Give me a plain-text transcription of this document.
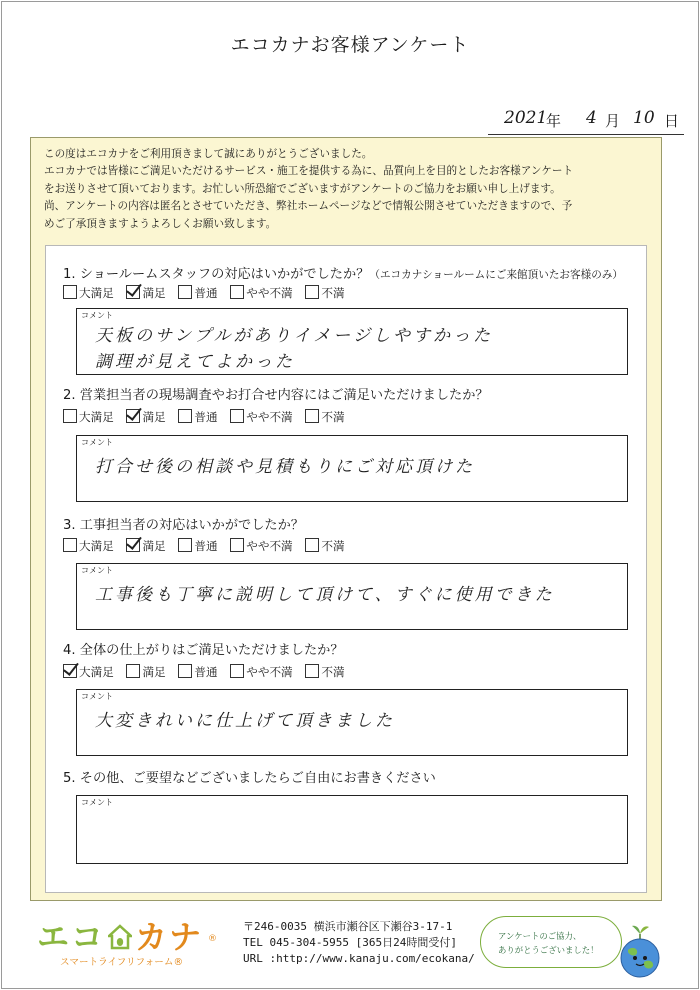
エコカナお客様アンケート
2021
年 4 月 10 日
この度はエコカナをご利用頂きまして誠にありがとうございました。
エコカナでは皆様にご満足いただけるサービス・施工を提供する為に、品質向上を目的としたお客様アンケート
をお送りさせて頂いております。お忙しい所恐縮でございますがアンケートのご協力をお願い申し上げます。
尚、アンケートの内容は匿名とさせていただき、弊社ホームページなどで情報公開させていただきますので、予
めご了承頂きますようよろしくお願い致します。
1. ショールームスタッフの対応はいかがでしたか？（エコカナショールームにご来館頂いたお客様のみ）
大満足 満足 普通 やや不満 不満
コメント
天板のサンプルがありイメージしやすかった
調理が見えてよかった
2. 営業担当者の現場調査やお打合せ内容にはご満足いただけましたか？
大満足 満足 普通 やや不満 不満
コメント
打合せ後の相談や見積もりにご対応頂けた
3. 工事担当者の対応はいかがでしたか？
大満足 満足 普通 やや不満 不満
コメント
工事後も丁寧に説明して頂けて、すぐに使用できた
4. 全体の仕上がりはご満足いただけましたか？
大満足 満足 普通 やや不満 不満
コメント
大変きれいに仕上げて頂きました
5. その他、ご要望などございましたらご自由にお書きください
コメント
エコ カナ ®
スマートライフリフォーム®
〒246-0035 横浜市瀬谷区下瀬谷3-17-1
TEL 045-304-5955 [365日24時間受付]
URL :http://www.kanaju.com/ecokana/
アンケートのご協力、
ありがとうございました！
